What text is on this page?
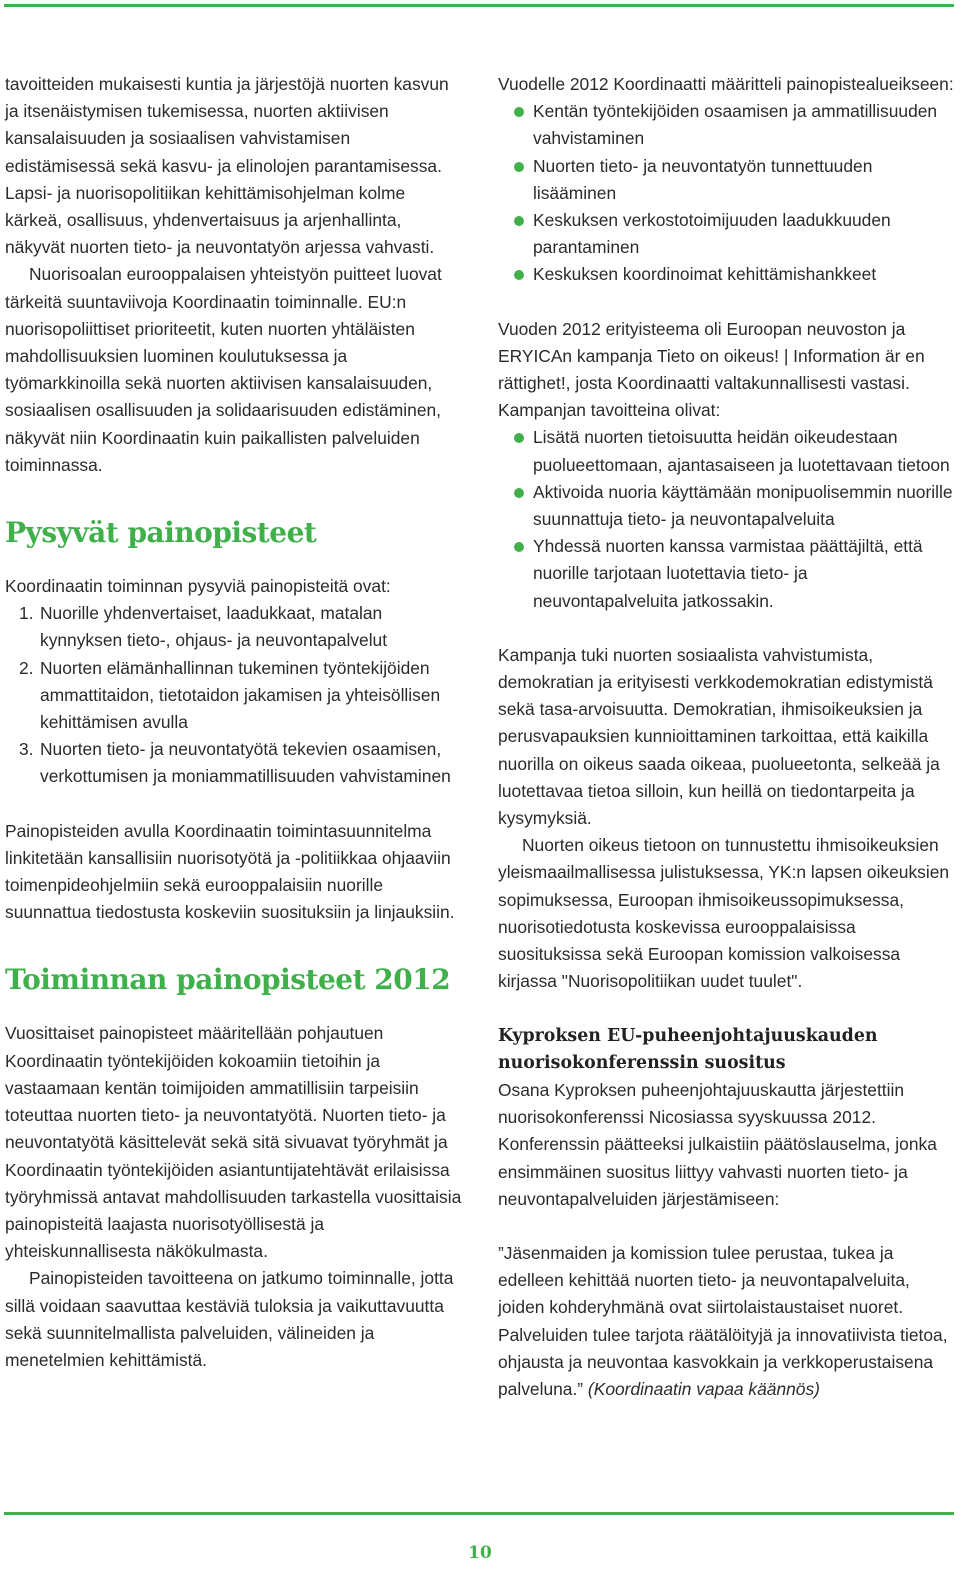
tavoitteiden mukaisesti kuntia ja järjestöjä nuorten kasvun ja itsenäistymisen tukemisessa, nuorten aktiivisen kansalaisuuden ja sosiaalisen vahvistamisen edistämisessä sekä kasvu- ja elinolojen parantamisessa. Lapsi- ja nuorisopolitiikan kehittämisohjelman kolme kärkeä, osallisuus, yhdenvertaisuus ja arjenhallinta, näkyvät nuorten tieto- ja neuvontatyön arjessa vahvasti.

Nuorisoalan eurooppalaisen yhteistyön puitteet luovat tärkeitä suuntaviivoja Koordinaatin toiminnalle. EU:n nuorisopoliittiset prioriteetit, kuten nuorten yhtäläisten mahdollisuuksien luominen koulutuksessa ja työmarkkinoilla sekä nuorten aktiivisen kansalaisuuden, sosiaalisen osallisuuden ja solidaarisuuden edistäminen, näkyvät niin Koordinaatin kuin paikallisten palveluiden toiminnassa.

Pysyvät painopisteet

Koordinaatin toiminnan pysyviä painopisteitä ovat:

1. Nuorille yhdenvertaiset, laadukkaat, matalan kynnyksen tieto-, ohjaus- ja neuvontapalvelut
2. Nuorten elämänhallinnan tukeminen työntekijöiden ammattitaidon, tietotaidon jakamisen ja yhteisöllisen kehittämisen avulla
3. Nuorten tieto- ja neuvontatyötä tekevien osaamisen, verkottumisen ja moniammatillisuuden vahvistaminen

Painopisteiden avulla Koordinaatin toimintasuunnitelma linkitetään kansallisiin nuorisotyötä ja -politiikkaa ohjaaviin toimenpideohjelmiin sekä eurooppalaisiin nuorille suunnattua tiedostusta koskeviin suosituksiin ja linjauksiin.

Toiminnan painopisteet 2012

Vuosittaiset painopisteet määritellään pohjautuen Koordinaatin työntekijöiden kokoamiin tietoihin ja vastaamaan kentän toimijoiden ammatillisiin tarpeisiin toteuttaa nuorten tieto- ja neuvontatyötä. Nuorten tieto- ja neuvontatyötä käsittelevät sekä sitä sivuavat työryhmät ja Koordinaatin työntekijöiden asiantuntijatehtävät erilaisissa työryhmissä antavat mahdollisuuden tarkastella vuosittaisia painopisteitä laajasta nuorisotyöllisestä ja yhteiskunnallisesta näkökulmasta.

Painopisteiden tavoitteena on jatkumo toiminnalle, jotta sillä voidaan saavuttaa kestäviä tuloksia ja vaikuttavuutta sekä suunnitelmallista palveluiden, välineiden ja menetelmien kehittämistä.

Vuodelle 2012 Koordinaatti määritteli painopistealueikseen:

Kentän työntekijöiden osaamisen ja ammatillisuuden vahvistaminen
Nuorten tieto- ja neuvontatyön tunnettuuden lisääminen
Keskuksen verkostotoimijuuden laadukkuuden parantaminen
Keskuksen koordinoimat kehittämishankkeet

Vuoden 2012 erityisteema oli Euroopan neuvoston ja ERYICAn kampanja Tieto on oikeus! | Information är en rättighet!, josta Koordinaatti valtakunnallisesti vastasi.

Kampanjan tavoitteina olivat:

Lisätä nuorten tietoisuutta heidän oikeudestaan puolueettomaan, ajantasaiseen ja luotettavaan tietoon
Aktivoida nuoria käyttämään monipuolisemmin nuorille suunnattuja tieto- ja neuvontapalveluita
Yhdessä nuorten kanssa varmistaa päättäjiltä, että nuorille tarjotaan luotettavia tieto- ja neuvontapalveluita jatkossakin.

Kampanja tuki nuorten sosiaalista vahvistumista, demokratian ja erityisesti verkkodemokratian edistymistä sekä tasa-arvoisuutta. Demokratian, ihmisoikeuksien ja perusvapauksien kunnioittaminen tarkoittaa, että kaikilla nuorilla on oikeus saada oikeaa, puolueetonta, selkeää ja luotettavaa tietoa silloin, kun heillä on tiedontarpeita ja kysymyksiä.

Nuorten oikeus tietoon on tunnustettu ihmisoikeuksien yleismaailmallisessa julistuksessa, YK:n lapsen oikeuksien sopimuksessa, Euroopan ihmisoikeussopimuksessa, nuorisotiedotusta koskevissa eurooppalaisissa suosituksissa sekä Euroopan komission valkoisessa kirjassa "Nuorisopolitiikan uudet tuulet".

Kyproksen EU-puheenjohtajuuskauden nuorisokonferenssin suositus

Osana Kyproksen puheenjohtajuuskautta järjestettiin nuorisokonferenssi Nicosiassa syyskuussa 2012. Konferenssin päätteeksi julkaistiin päätöslauselma, jonka ensimmäinen suositus liittyy vahvasti nuorten tieto- ja neuvontapalveluiden järjestämiseen:

”Jäsenmaiden ja komission tulee perustaa, tukea ja edelleen kehittää nuorten tieto- ja neuvontapalveluita, joiden kohderyhmänä ovat siirtolaistaustaiset nuoret. Palveluiden tulee tarjota räätälöityjä ja innovatiivista tietoa, ohjausta ja neuvontaa kasvokkain ja verkkoperustaisena palveluna.” (Koordinaatin vapaa käännös)

10
